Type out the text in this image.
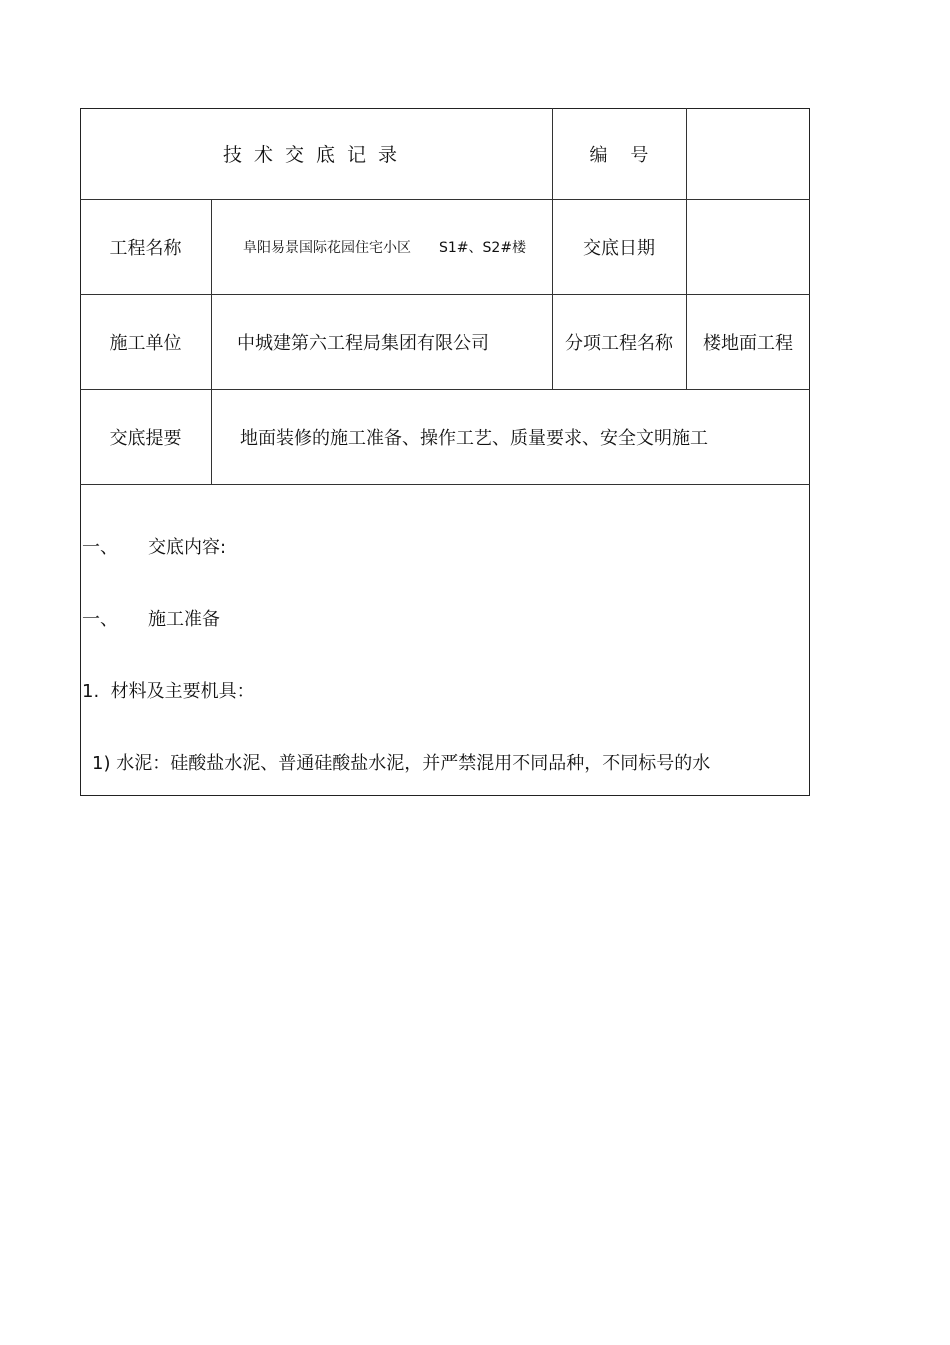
技术交底记录	编    号
工程名称	阜阳易景国际花园住宅小区 S1#、S2#楼	交底日期
施工单位	中城建第六工程局集团有限公司	分项工程名称	楼地面工程
交底提要	地面装修的施工准备、操作工艺、质量要求、安全文明施工
一、 交底内容:
一、 施工准备
1.  材料及主要机具：
1) 水泥：硅酸盐水泥、普通硅酸盐水泥，并严禁混用不同品种，不同标号的水
